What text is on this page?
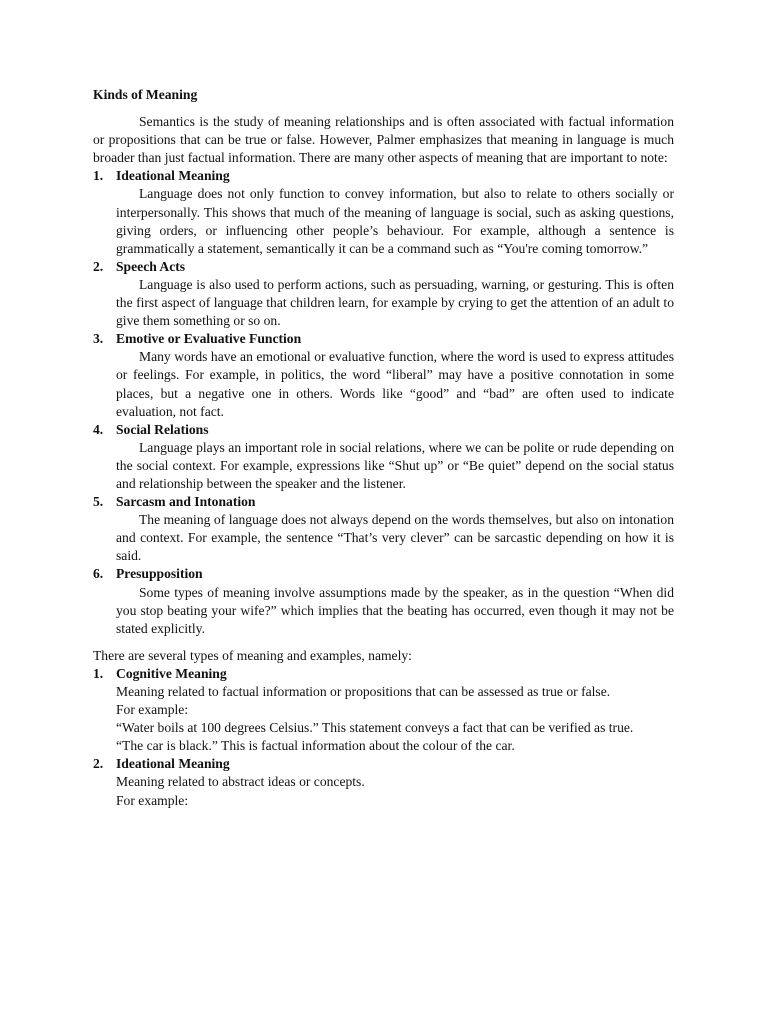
Kinds of Meaning

Semantics is the study of meaning relationships and is often associated with factual information or propositions that can be true or false. However, Palmer emphasizes that meaning in language is much broader than just factual information. There are many other aspects of meaning that are important to note:

1. Ideational Meaning
Language does not only function to convey information, but also to relate to others socially or interpersonally. This shows that much of the meaning of language is social, such as asking questions, giving orders, or influencing other people’s behaviour. For example, although a sentence is grammatically a statement, semantically it can be a command such as “You're coming tomorrow.”
2. Speech Acts
Language is also used to perform actions, such as persuading, warning, or gesturing. This is often the first aspect of language that children learn, for example by crying to get the attention of an adult to give them something or so on.
3. Emotive or Evaluative Function
Many words have an emotional or evaluative function, where the word is used to express attitudes or feelings. For example, in politics, the word “liberal” may have a positive connotation in some places, but a negative one in others. Words like “good” and “bad” are often used to indicate evaluation, not fact.
4. Social Relations
Language plays an important role in social relations, where we can be polite or rude depending on the social context. For example, expressions like “Shut up” or “Be quiet” depend on the social status and relationship between the speaker and the listener.
5. Sarcasm and Intonation
The meaning of language does not always depend on the words themselves, but also on intonation and context. For example, the sentence “That’s very clever” can be sarcastic depending on how it is said.
6. Presupposition
Some types of meaning involve assumptions made by the speaker, as in the question “When did you stop beating your wife?” which implies that the beating has occurred, even though it may not be stated explicitly.

There are several types of meaning and examples, namely:

1. Cognitive Meaning
Meaning related to factual information or propositions that can be assessed as true or false.
For example:
“Water boils at 100 degrees Celsius.” This statement conveys a fact that can be verified as true.
“The car is black.” This is factual information about the colour of the car.
2. Ideational Meaning
Meaning related to abstract ideas or concepts.
For example:
